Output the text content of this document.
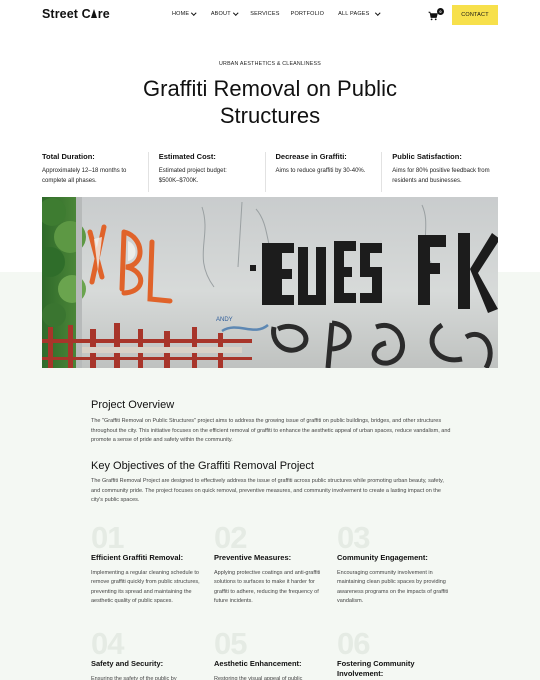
Street C re	HOME	ABOUT	SERVICES PORTFOLIO	ALL PAGES	0
CONTACT
URBAN AESTHETICS & CLEANLINESS
Graffiti Removal on Public Structures
Total Duration:
Approximately 12–18 months to complete all phases.
Estimated Cost:
Estimated project budget: $500K–$700K.
Decrease in Graffiti:
Aims to reduce graffiti by 30-40%.
Public Satisfaction:
Aims for 80% positive feedback from residents and businesses.
ANDY
Project Overview
The "Graffiti Removal on Public Structures" project aims to address the growing issue of graffiti on public buildings, bridges, and other structures throughout the city. This initiative focuses on the efficient removal of graffiti to enhance the aesthetic appeal of urban spaces, reduce vandalism, and promote a sense of pride and safety within the community.
Key Objectives of the Graffiti Removal Project
The Graffiti Removal Project are designed to effectively address the issue of graffiti across public structures while promoting urban beauty, safety, and community pride. The project focuses on quick removal, preventive measures, and community involvement to create a lasting impact on the city's public spaces.
01
Efficient Graffiti Removal:
Implementing a regular cleaning schedule to remove graffiti quickly from public structures, preventing its spread and maintaining the aesthetic quality of public spaces.
02
Preventive Measures:
Applying protective coatings and anti-graffiti solutions to surfaces to make it harder for graffiti to adhere, reducing the frequency of future incidents.
03
Community Engagement:
Encouraging community involvement in maintaining clean public spaces by providing awareness programs on the impacts of graffiti vandalism.
04
Safety and Security:
Ensuring the safety of the public by
05
Aesthetic Enhancement:
Restoring the visual appeal of public
06
Fostering Community Involvement:
